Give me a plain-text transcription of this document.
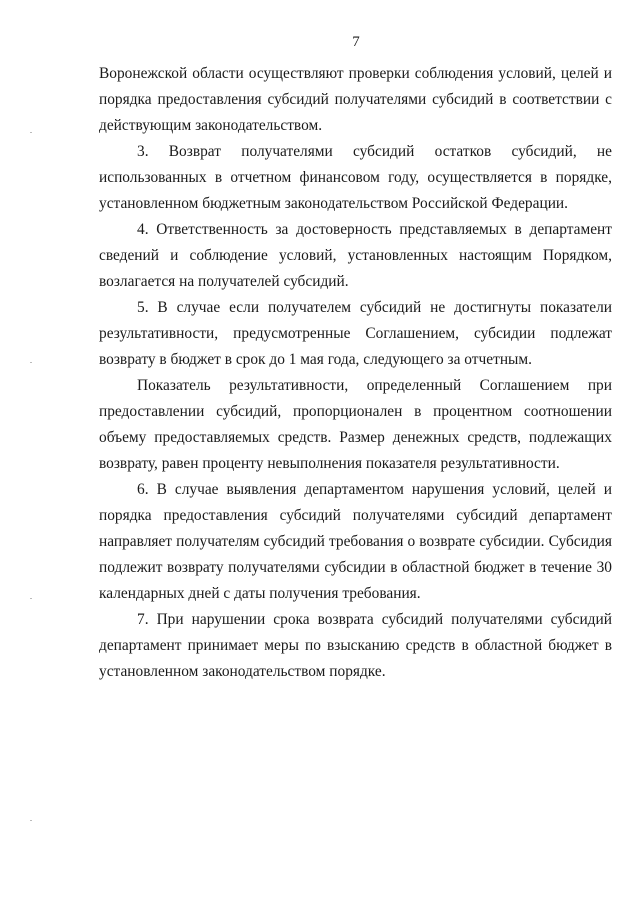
7

Воронежской области осуществляют проверки соблюдения условий, целей и порядка предоставления субсидий получателями субсидий в соответствии с действующим законодательством.

3.   Возврат   получателями   субсидий   остатков   субсидий,   не использованных в отчетном финансовом году, осуществляется в порядке, установленном бюджетным законодательством Российской Федерации.

4. Ответственность за достоверность представляемых в департамент сведений и соблюдение условий, установленных настоящим Порядком, возлагается на получателей субсидий.

5. В случае если получателем субсидий не достигнуты показатели результативности, предусмотренные Соглашением, субсидии подлежат возврату в бюджет в срок до 1 мая года, следующего за отчетным.

Показатель результативности, определенный Соглашением при предоставлении субсидий, пропорционален в процентном соотношении объему предоставляемых средств. Размер денежных средств, подлежащих возврату, равен проценту невыполнения показателя результативности.

6. В случае выявления департаментом нарушения условий, целей и порядка предоставления субсидий получателями субсидий департамент направляет получателям субсидий требования о возврате субсидии. Субсидия подлежит возврату получателями субсидии в областной бюджет в течение 30 календарных дней с даты получения требования.

7. При нарушении срока возврата субсидий получателями субсидий департамент принимает меры по взысканию средств в областной бюджет в установленном законодательством порядке.
